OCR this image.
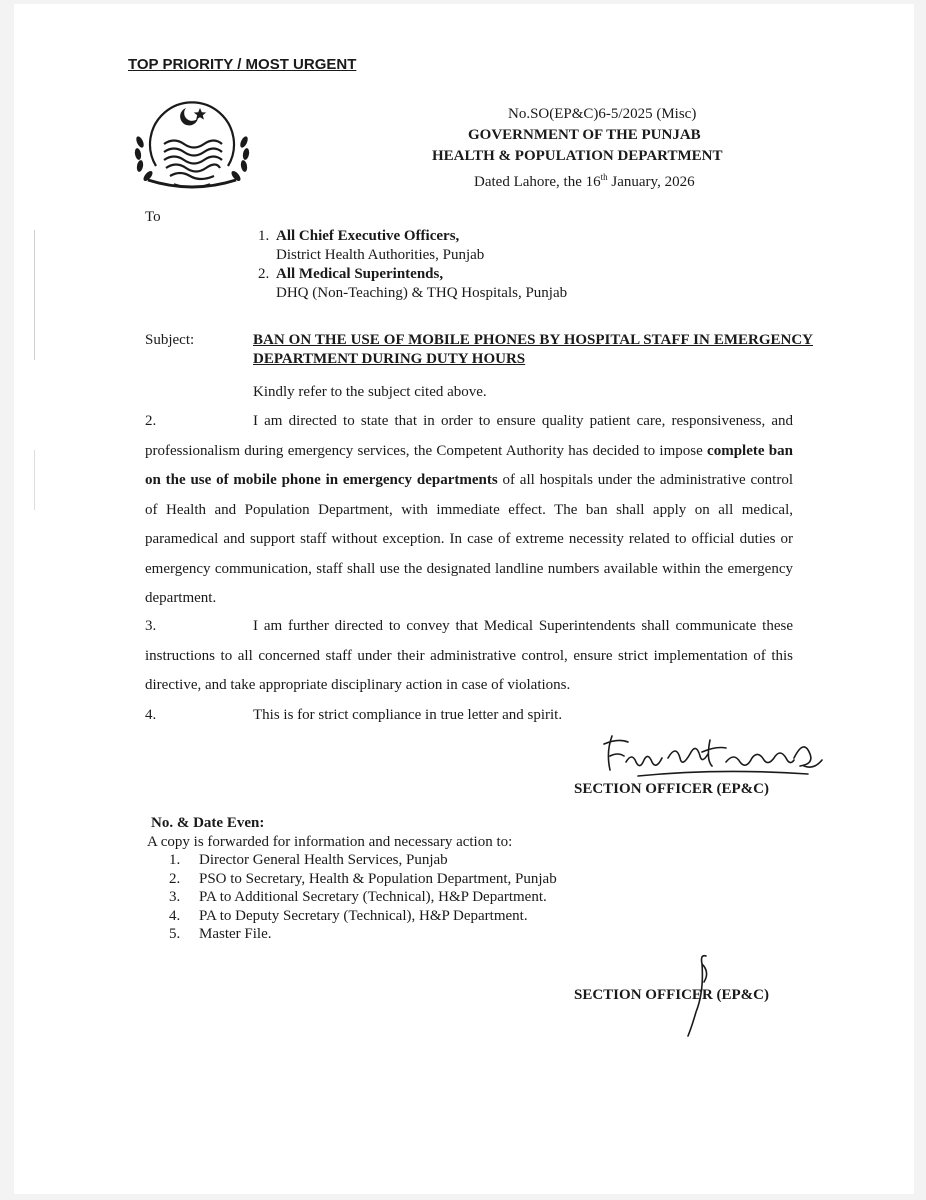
TOP PRIORITY / MOST URGENT
No.SO(EP&C)6-5/2025 (Misc)
GOVERNMENT OF THE PUNJAB
HEALTH & POPULATION DEPARTMENT
Dated Lahore, the 16th January, 2026
To
1. All Chief Executive Officers,
District Health Authorities, Punjab
2. All Medical Superintends,
DHQ (Non-Teaching) & THQ Hospitals, Punjab
Subject:	BAN ON THE USE OF MOBILE PHONES BY HOSPITAL STAFF IN EMERGENCY DEPARTMENT DURING DUTY HOURS
Kindly refer to the subject cited above.
2.	I am directed to state that in order to ensure quality patient care, responsiveness, and professionalism during emergency services, the Competent Authority has decided to impose complete ban on the use of mobile phone in emergency departments of all hospitals under the administrative control of Health and Population Department, with immediate effect. The ban shall apply on all medical, paramedical and support staff without exception. In case of extreme necessity related to official duties or emergency communication, staff shall use the designated landline numbers available within the emergency department.
3.	I am further directed to convey that Medical Superintendents shall communicate these instructions to all concerned staff under their administrative control, ensure strict implementation of this directive, and take appropriate disciplinary action in case of violations.
4.	This is for strict compliance in true letter and spirit.
SECTION OFFICER (EP&C)
No. & Date Even:
A copy is forwarded for information and necessary action to:
1.	Director General Health Services, Punjab
2.	PSO to Secretary, Health & Population Department, Punjab
3.	PA to Additional Secretary (Technical), H&P Department.
4.	PA to Deputy Secretary (Technical), H&P Department.
5.	Master File.
SECTION OFFICER (EP&C)
